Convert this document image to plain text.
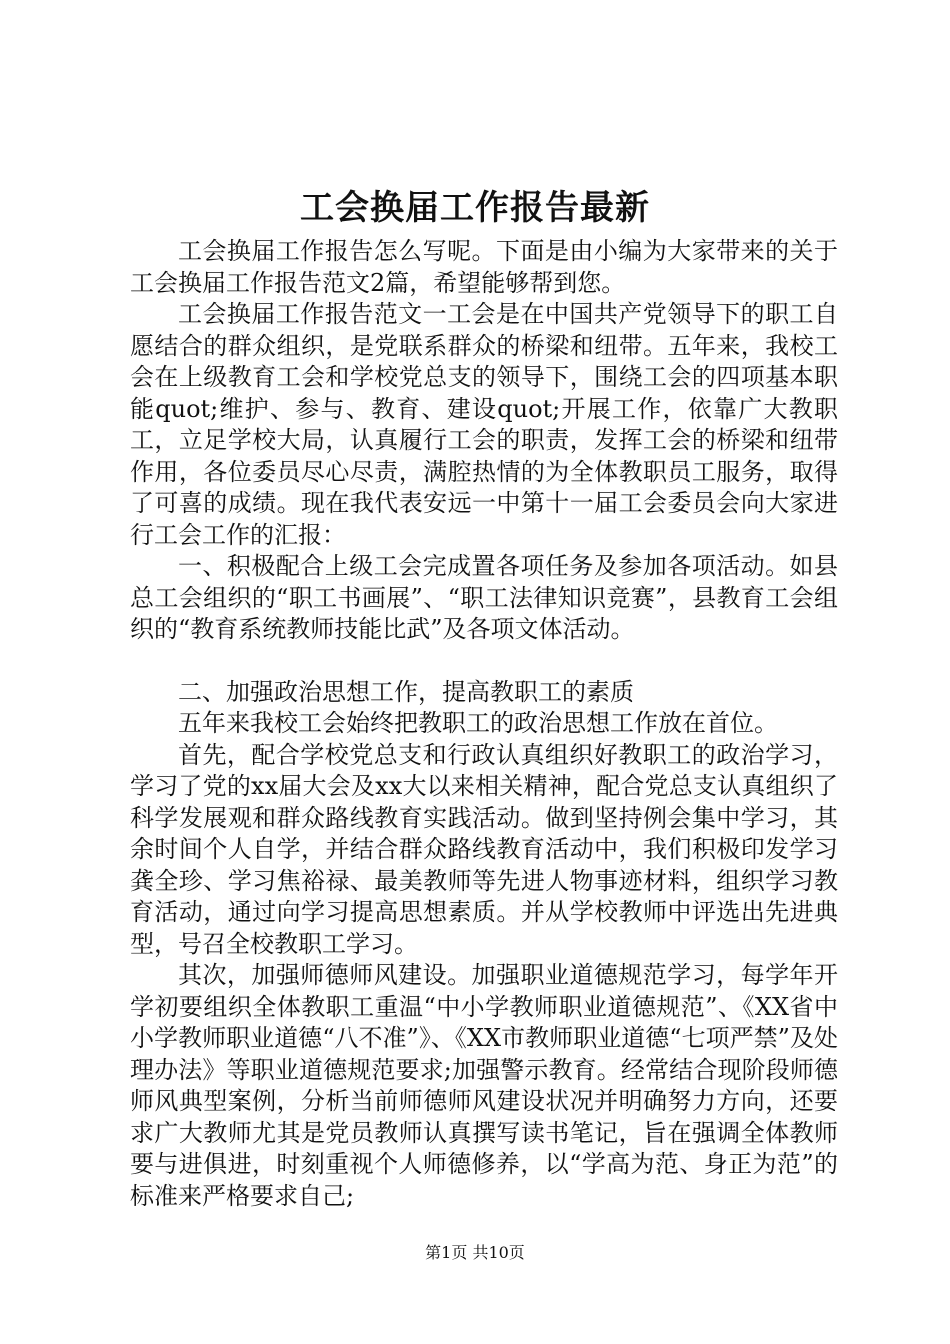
工会换届工作报告最新

工会换届工作报告怎么写呢。下面是由小编为大家带来的关于工会换届工作报告范文2篇，希望能够帮到您。

工会换届工作报告范文一工会是在中国共产党领导下的职工自愿结合的群众组织，是党联系群众的桥梁和纽带。五年来，我校工会在上级教育工会和学校党总支的领导下，围绕工会的四项基本职能quot;维护、参与、教育、建设quot;开展工作，依靠广大教职工，立足学校大局，认真履行工会的职责，发挥工会的桥梁和纽带作用，各位委员尽心尽责，满腔热情的为全体教职员工服务，取得了可喜的成绩。现在我代表安远一中第十一届工会委员会向大家进行工会工作的汇报：

一、积极配合上级工会完成置各项任务及参加各项活动。如县总工会组织的“职工书画展”、“职工法律知识竞赛”，县教育工会组织的“教育系统教师技能比武”及各项文体活动。

二、加强政治思想工作，提高教职工的素质

五年来我校工会始终把教职工的政治思想工作放在首位。

首先，配合学校党总支和行政认真组织好教职工的政治学习，学习了党的xx届大会及xx大以来相关精神，配合党总支认真组织了科学发展观和群众路线教育实践活动。做到坚持例会集中学习，其余时间个人自学，并结合群众路线教育活动中，我们积极印发学习龚全珍、学习焦裕禄、最美教师等先进人物事迹材料，组织学习教育活动，通过向学习提高思想素质。并从学校教师中评选出先进典型，号召全校教职工学习。

其次，加强师德师风建设。加强职业道德规范学习，每学年开学初要组织全体教职工重温“中小学教师职业道德规范”、《XX省中小学教师职业道德“八不准”》、《XX市教师职业道德“七项严禁”及处理办法》等职业道德规范要求;加强警示教育。经常结合现阶段师德师风典型案例，分析当前师德师风建设状况并明确努力方向，还要求广大教师尤其是党员教师认真撰写读书笔记，旨在强调全体教师要与进俱进，时刻重视个人师德修养，以“学高为范、身正为范”的标准来严格要求自己;

第1页 共10页
